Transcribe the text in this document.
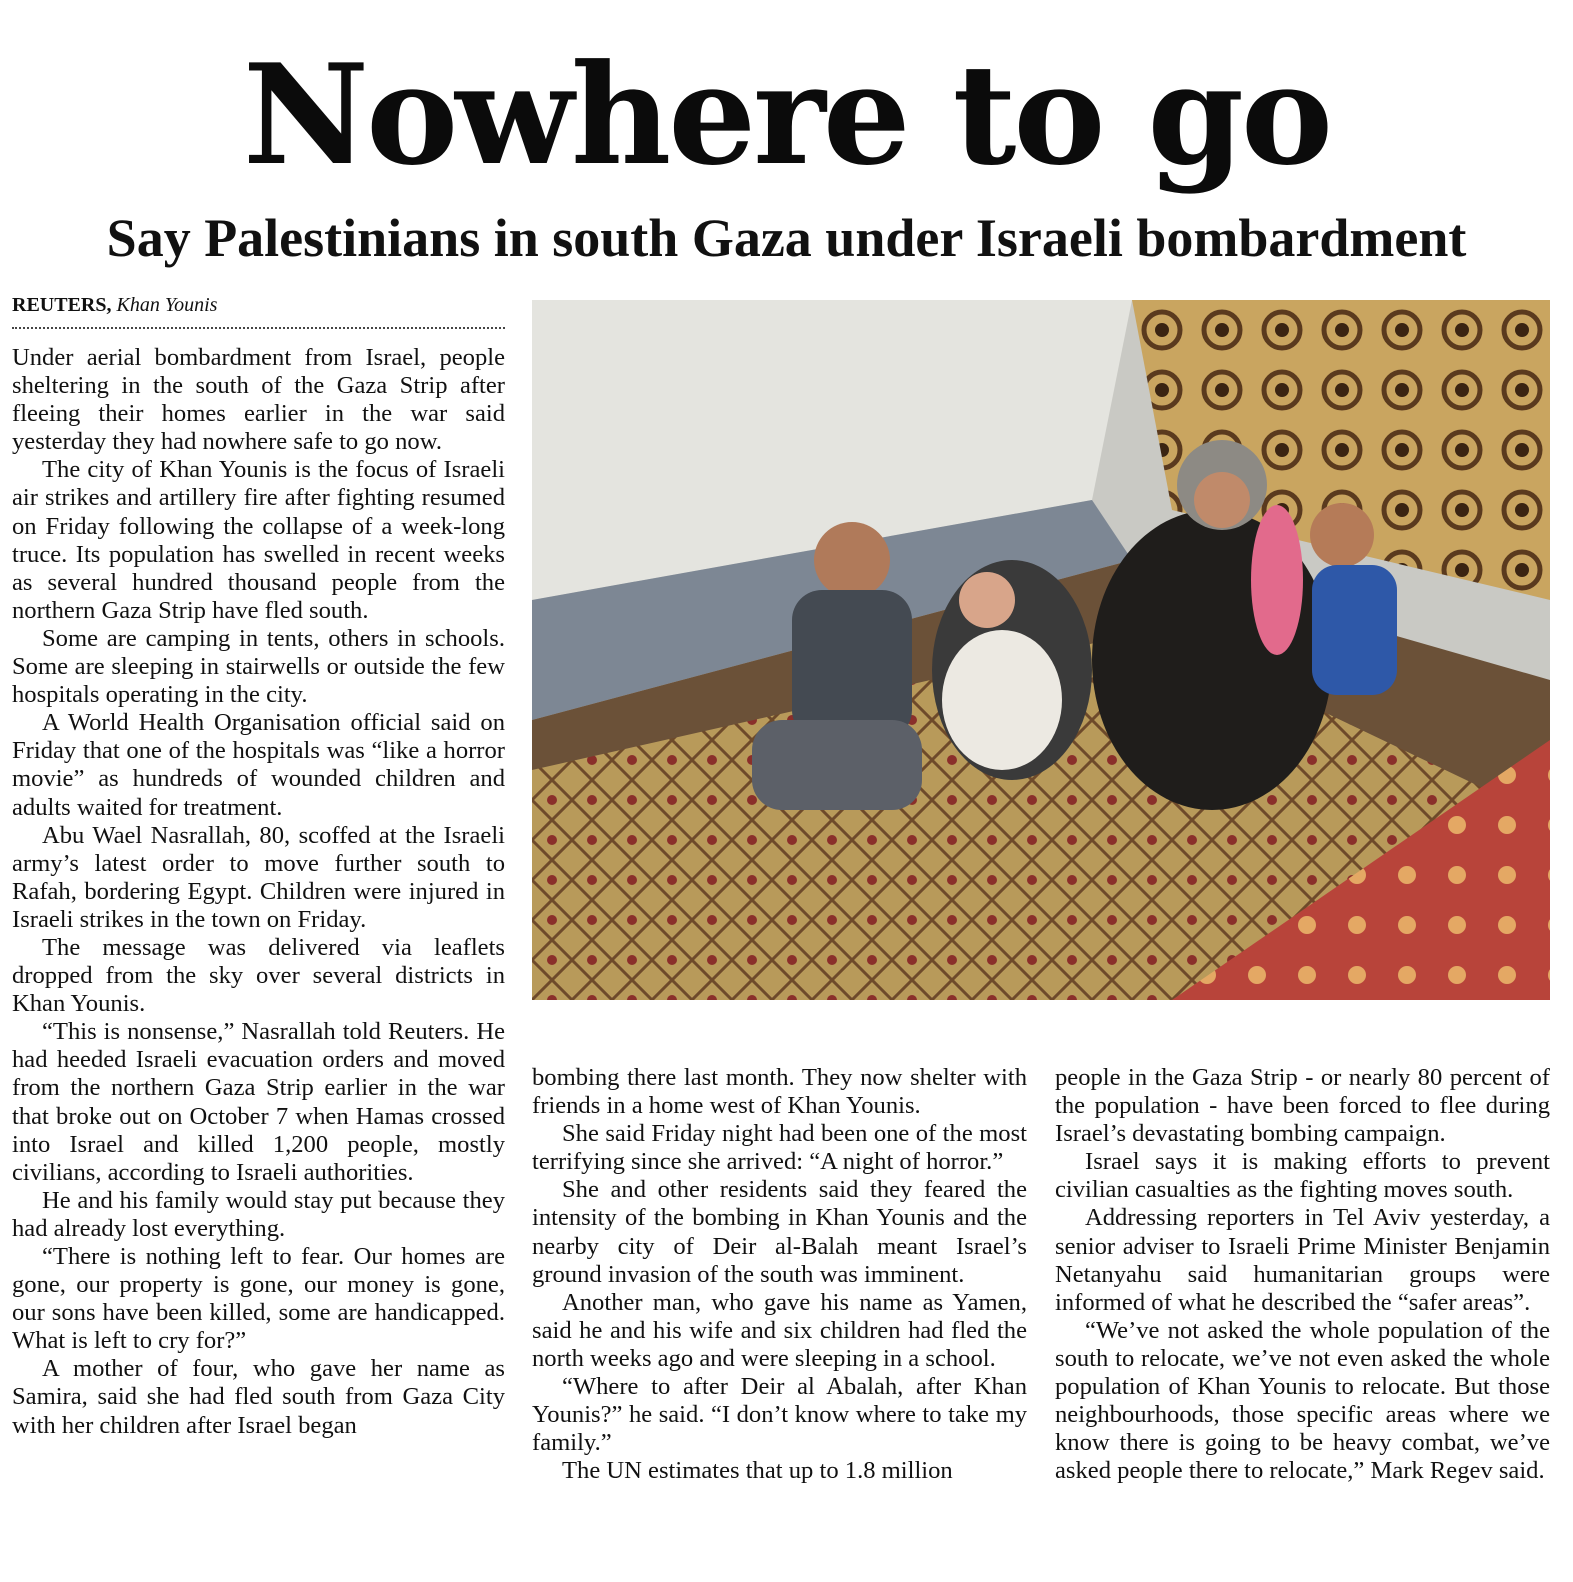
Nowhere to go
Say Palestinians in south Gaza under Israeli bombardment
REUTERS, Khan Younis

Under aerial bombardment from Israel, people sheltering in the south of the Gaza Strip after fleeing their homes earlier in the war said yesterday they had nowhere safe to go now.

The city of Khan Younis is the focus of Israeli air strikes and artillery fire after fighting resumed on Friday following the collapse of a week-long truce. Its population has swelled in recent weeks as several hundred thousand people from the northern Gaza Strip have fled south.

Some are camping in tents, others in schools. Some are sleeping in stairwells or outside the few hospitals operating in the city.

A World Health Organisation official said on Friday that one of the hospitals was “like a horror movie” as hundreds of wounded children and adults waited for treatment.

Abu Wael Nasrallah, 80, scoffed at the Israeli army’s latest order to move further south to Rafah, bordering Egypt. Children were injured in Israeli strikes in the town on Friday.

The message was delivered via leaflets dropped from the sky over several districts in Khan Younis.

“This is nonsense,” Nasrallah told Reuters. He had heeded Israeli evacuation orders and moved from the northern Gaza Strip earlier in the war that broke out on October 7 when Hamas crossed into Israel and killed 1,200 people, mostly civilians, according to Israeli authorities.

He and his family would stay put because they had already lost everything.

“There is nothing left to fear. Our homes are gone, our property is gone, our money is gone, our sons have been killed, some are handicapped. What is left to cry for?”

A mother of four, who gave her name as Samira, said she had fled south from Gaza City with her children after Israel began

bombing there last month. They now shelter with friends in a home west of Khan Younis.

She said Friday night had been one of the most terrifying since she arrived: “A night of horror.”

She and other residents said they feared the intensity of the bombing in Khan Younis and the nearby city of Deir al-Balah meant Israel’s ground invasion of the south was imminent.

Another man, who gave his name as Yamen, said he and his wife and six children had fled the north weeks ago and were sleeping in a school.

“Where to after Deir al Abalah, after Khan Younis?” he said. “I don’t know where to take my family.”

The UN estimates that up to 1.8 million

people in the Gaza Strip - or nearly 80 percent of the population - have been forced to flee during Israel’s devastating bombing campaign.

Israel says it is making efforts to prevent civilian casualties as the fighting moves south.

Addressing reporters in Tel Aviv yesterday, a senior adviser to Israeli Prime Minister Benjamin Netanyahu said humanitarian groups were informed of what he described the “safer areas”.

“We’ve not asked the whole population of the south to relocate, we’ve not even asked the whole population of Khan Younis to relocate. But those neighbourhoods, those specific areas where we know there is going to be heavy combat, we’ve asked people there to relocate,” Mark Regev said.
